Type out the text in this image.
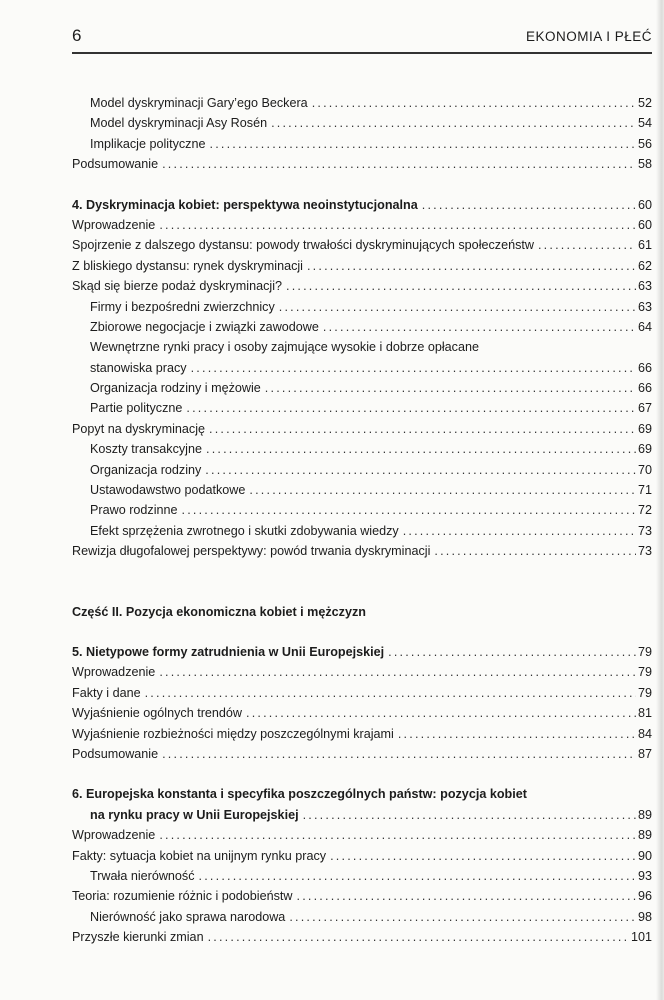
6	EKONOMIA I PŁEĆ
Model dyskryminacji Gary’ego Beckera .....	52
Model dyskryminacji Asy Rosén .....	54
Implikacje polityczne .....	56
Podsumowanie .....	58
4. Dyskryminacja kobiet: perspektywa neoinstytucjonalna .....	60
Wprowadzenie .....	60
Spojrzenie z dalszego dystansu: powody trwałości dyskryminujących społeczeństw .....	61
Z bliskiego dystansu: rynek dyskryminacji .....	62
Skąd się bierze podaż dyskryminacji? .....	63
Firmy i bezpośredni zwierzchnicy .....	63
Zbiorowe negocjacje i związki zawodowe .....	64
Wewnętrzne rynki pracy i osoby zajmujące wysokie i dobrze opłacane
stanowiska pracy .....	66
Organizacja rodziny i mężowie .....	66
Partie polityczne .....	67
Popyt na dyskryminację .....	69
Koszty transakcyjne .....	69
Organizacja rodziny .....	70
Ustawodawstwo podatkowe .....	71
Prawo rodzinne .....	72
Efekt sprzężenia zwrotnego i skutki zdobywania wiedzy .....	73
Rewizja długofalowej perspektywy: powód trwania dyskryminacji .....	73
Część II. Pozycja ekonomiczna kobiet i mężczyzn
5. Nietypowe formy zatrudnienia w Unii Europejskiej .....	79
Wprowadzenie .....	79
Fakty i dane .....	79
Wyjaśnienie ogólnych trendów .....	81
Wyjaśnienie rozbieżności między poszczególnymi krajami .....	84
Podsumowanie .....	87
6. Europejska konstanta i specyfika poszczególnych państw: pozycja kobiet
na rynku pracy w Unii Europejskiej .....	89
Wprowadzenie .....	89
Fakty: sytuacja kobiet na unijnym rynku pracy .....	90
Trwała nierówność .....	93
Teoria: rozumienie różnic i podobieństw .....	96
Nierówność jako sprawa narodowa .....	98
Przyszłe kierunki zmian .....	101
